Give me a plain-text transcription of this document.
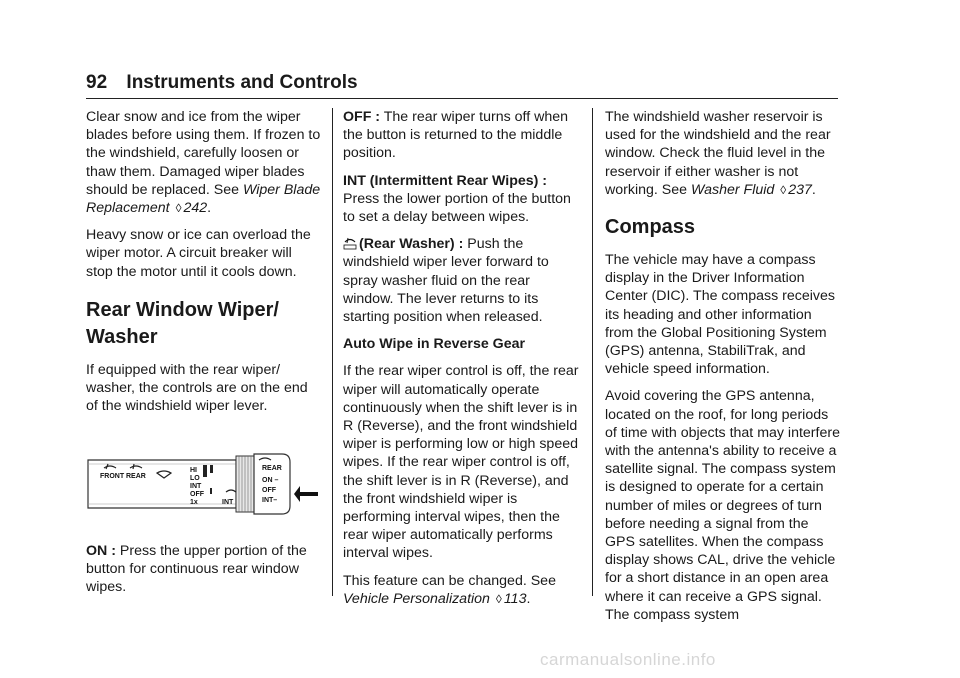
92 Instruments and Controls

Clear snow and ice from the wiper blades before using them. If frozen to the windshield, carefully loosen or thaw them. Damaged wiper blades should be replaced. See Wiper Blade Replacement ◊ 242.

Heavy snow or ice can overload the wiper motor. A circuit breaker will stop the motor until it cools down.

Rear Window Wiper/ Washer

If equipped with the rear wiper/ washer, the controls are on the end of the windshield wiper lever.

FRONT REAR
HI
LO
INT
OFF
1x	INT
REAR
ON –
OFF
INT–

ON : Press the upper portion of the button for continuous rear window wipes.

OFF : The rear wiper turns off when the button is returned to the middle position.

INT (Intermittent Rear Wipes) : Press the lower portion of the button to set a delay between wipes.

(Rear Washer) : Push the windshield wiper lever forward to spray washer fluid on the rear window. The lever returns to its starting position when released.

Auto Wipe in Reverse Gear

If the rear wiper control is off, the rear wiper will automatically operate continuously when the shift lever is in R (Reverse), and the front windshield wiper is performing low or high speed wipes. If the rear wiper control is off, the shift lever is in R (Reverse), and the front windshield wiper is performing interval wipes, then the rear wiper automatically performs interval wipes.

This feature can be changed. See Vehicle Personalization ◊ 113.

The windshield washer reservoir is used for the windshield and the rear window. Check the fluid level in the reservoir if either washer is not working. See Washer Fluid ◊ 237.

Compass

The vehicle may have a compass display in the Driver Information Center (DIC). The compass receives its heading and other information from the Global Positioning System (GPS) antenna, StabiliTrak, and vehicle speed information.

Avoid covering the GPS antenna, located on the roof, for long periods of time with objects that may interfere with the antenna's ability to receive a satellite signal. The compass system is designed to operate for a certain number of miles or degrees of turn before needing a signal from the GPS satellites. When the compass display shows CAL, drive the vehicle for a short distance in an open area where it can receive a GPS signal. The compass system

carmanualsonline.info
